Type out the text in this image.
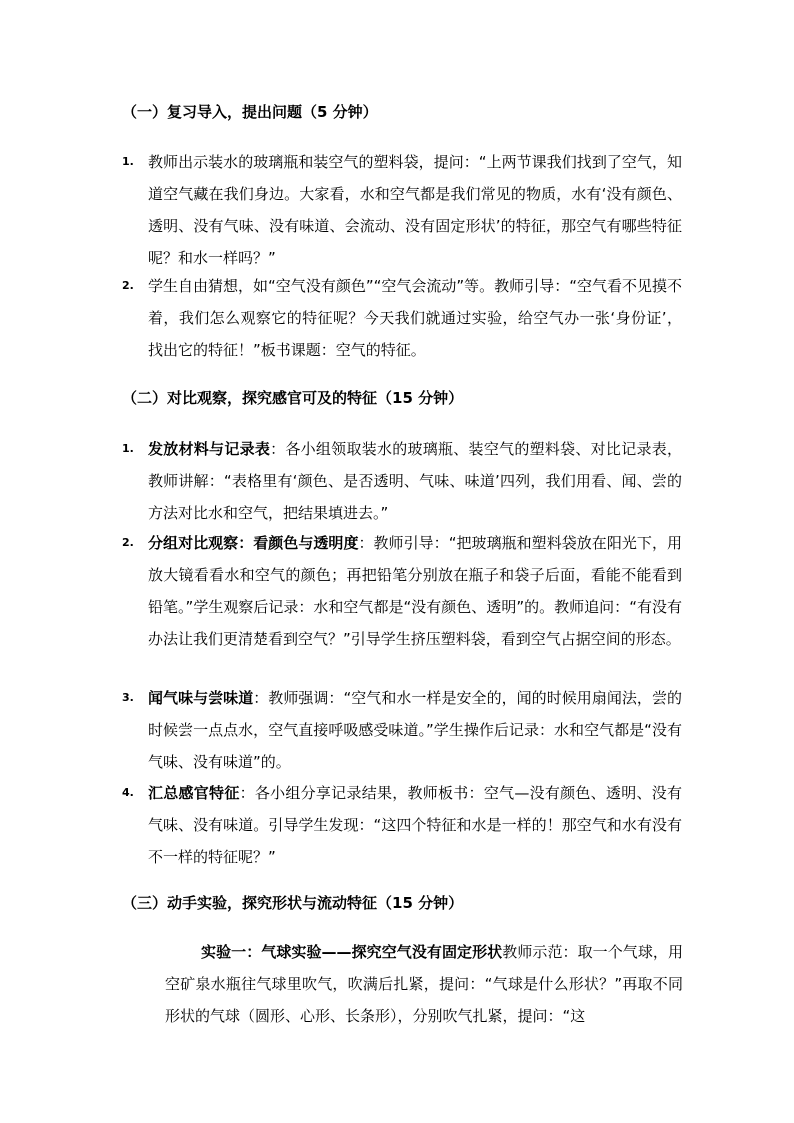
（一）复习导入，提出问题（5 分钟）
1. 教师出示装水的玻璃瓶和装空气的塑料袋，提问：“上两节课我们找到了空气，知道空气藏在我们身边。大家看，水和空气都是我们常见的物质，水有‘没有颜色、透明、没有气味、没有味道、会流动、没有固定形状’的特征，那空气有哪些特征呢？和水一样吗？”
2. 学生自由猜想，如“空气没有颜色”“空气会流动”等。教师引导：“空气看不见摸不着，我们怎么观察它的特征呢？今天我们就通过实验，给空气办一张‘身份证’，找出它的特征！”板书课题：空气的特征。
（二）对比观察，探究感官可及的特征（15 分钟）
1. 发放材料与记录表：各小组领取装水的玻璃瓶、装空气的塑料袋、对比记录表，教师讲解：“表格里有‘颜色、是否透明、气味、味道’四列，我们用看、闻、尝的方法对比水和空气，把结果填进去。”
2. 分组对比观察：看颜色与透明度：教师引导：“把玻璃瓶和塑料袋放在阳光下，用放大镜看看水和空气的颜色；再把铅笔分别放在瓶子和袋子后面，看能不能看到铅笔。”学生观察后记录：水和空气都是“没有颜色、透明”的。教师追问：“有没有办法让我们更清楚看到空气？”引导学生挤压塑料袋，看到空气占据空间的形态。
3. 闻气味与尝味道：教师强调：“空气和水一样是安全的，闻的时候用扇闻法，尝的时候尝一点点水，空气直接呼吸感受味道。”学生操作后记录：水和空气都是“没有气味、没有味道”的。
4. 汇总感官特征：各小组分享记录结果，教师板书：空气—没有颜色、透明、没有气味、没有味道。引导学生发现：“这四个特征和水是一样的！那空气和水有没有不一样的特征呢？”
（三）动手实验，探究形状与流动特征（15 分钟）
实验一：气球实验——探究空气没有固定形状教师示范：取一个气球，用空矿泉水瓶往气球里吹气，吹满后扎紧，提问：“气球是什么形状？”再取不同形状的气球（圆形、心形、长条形），分别吹气扎紧，提问：“这
